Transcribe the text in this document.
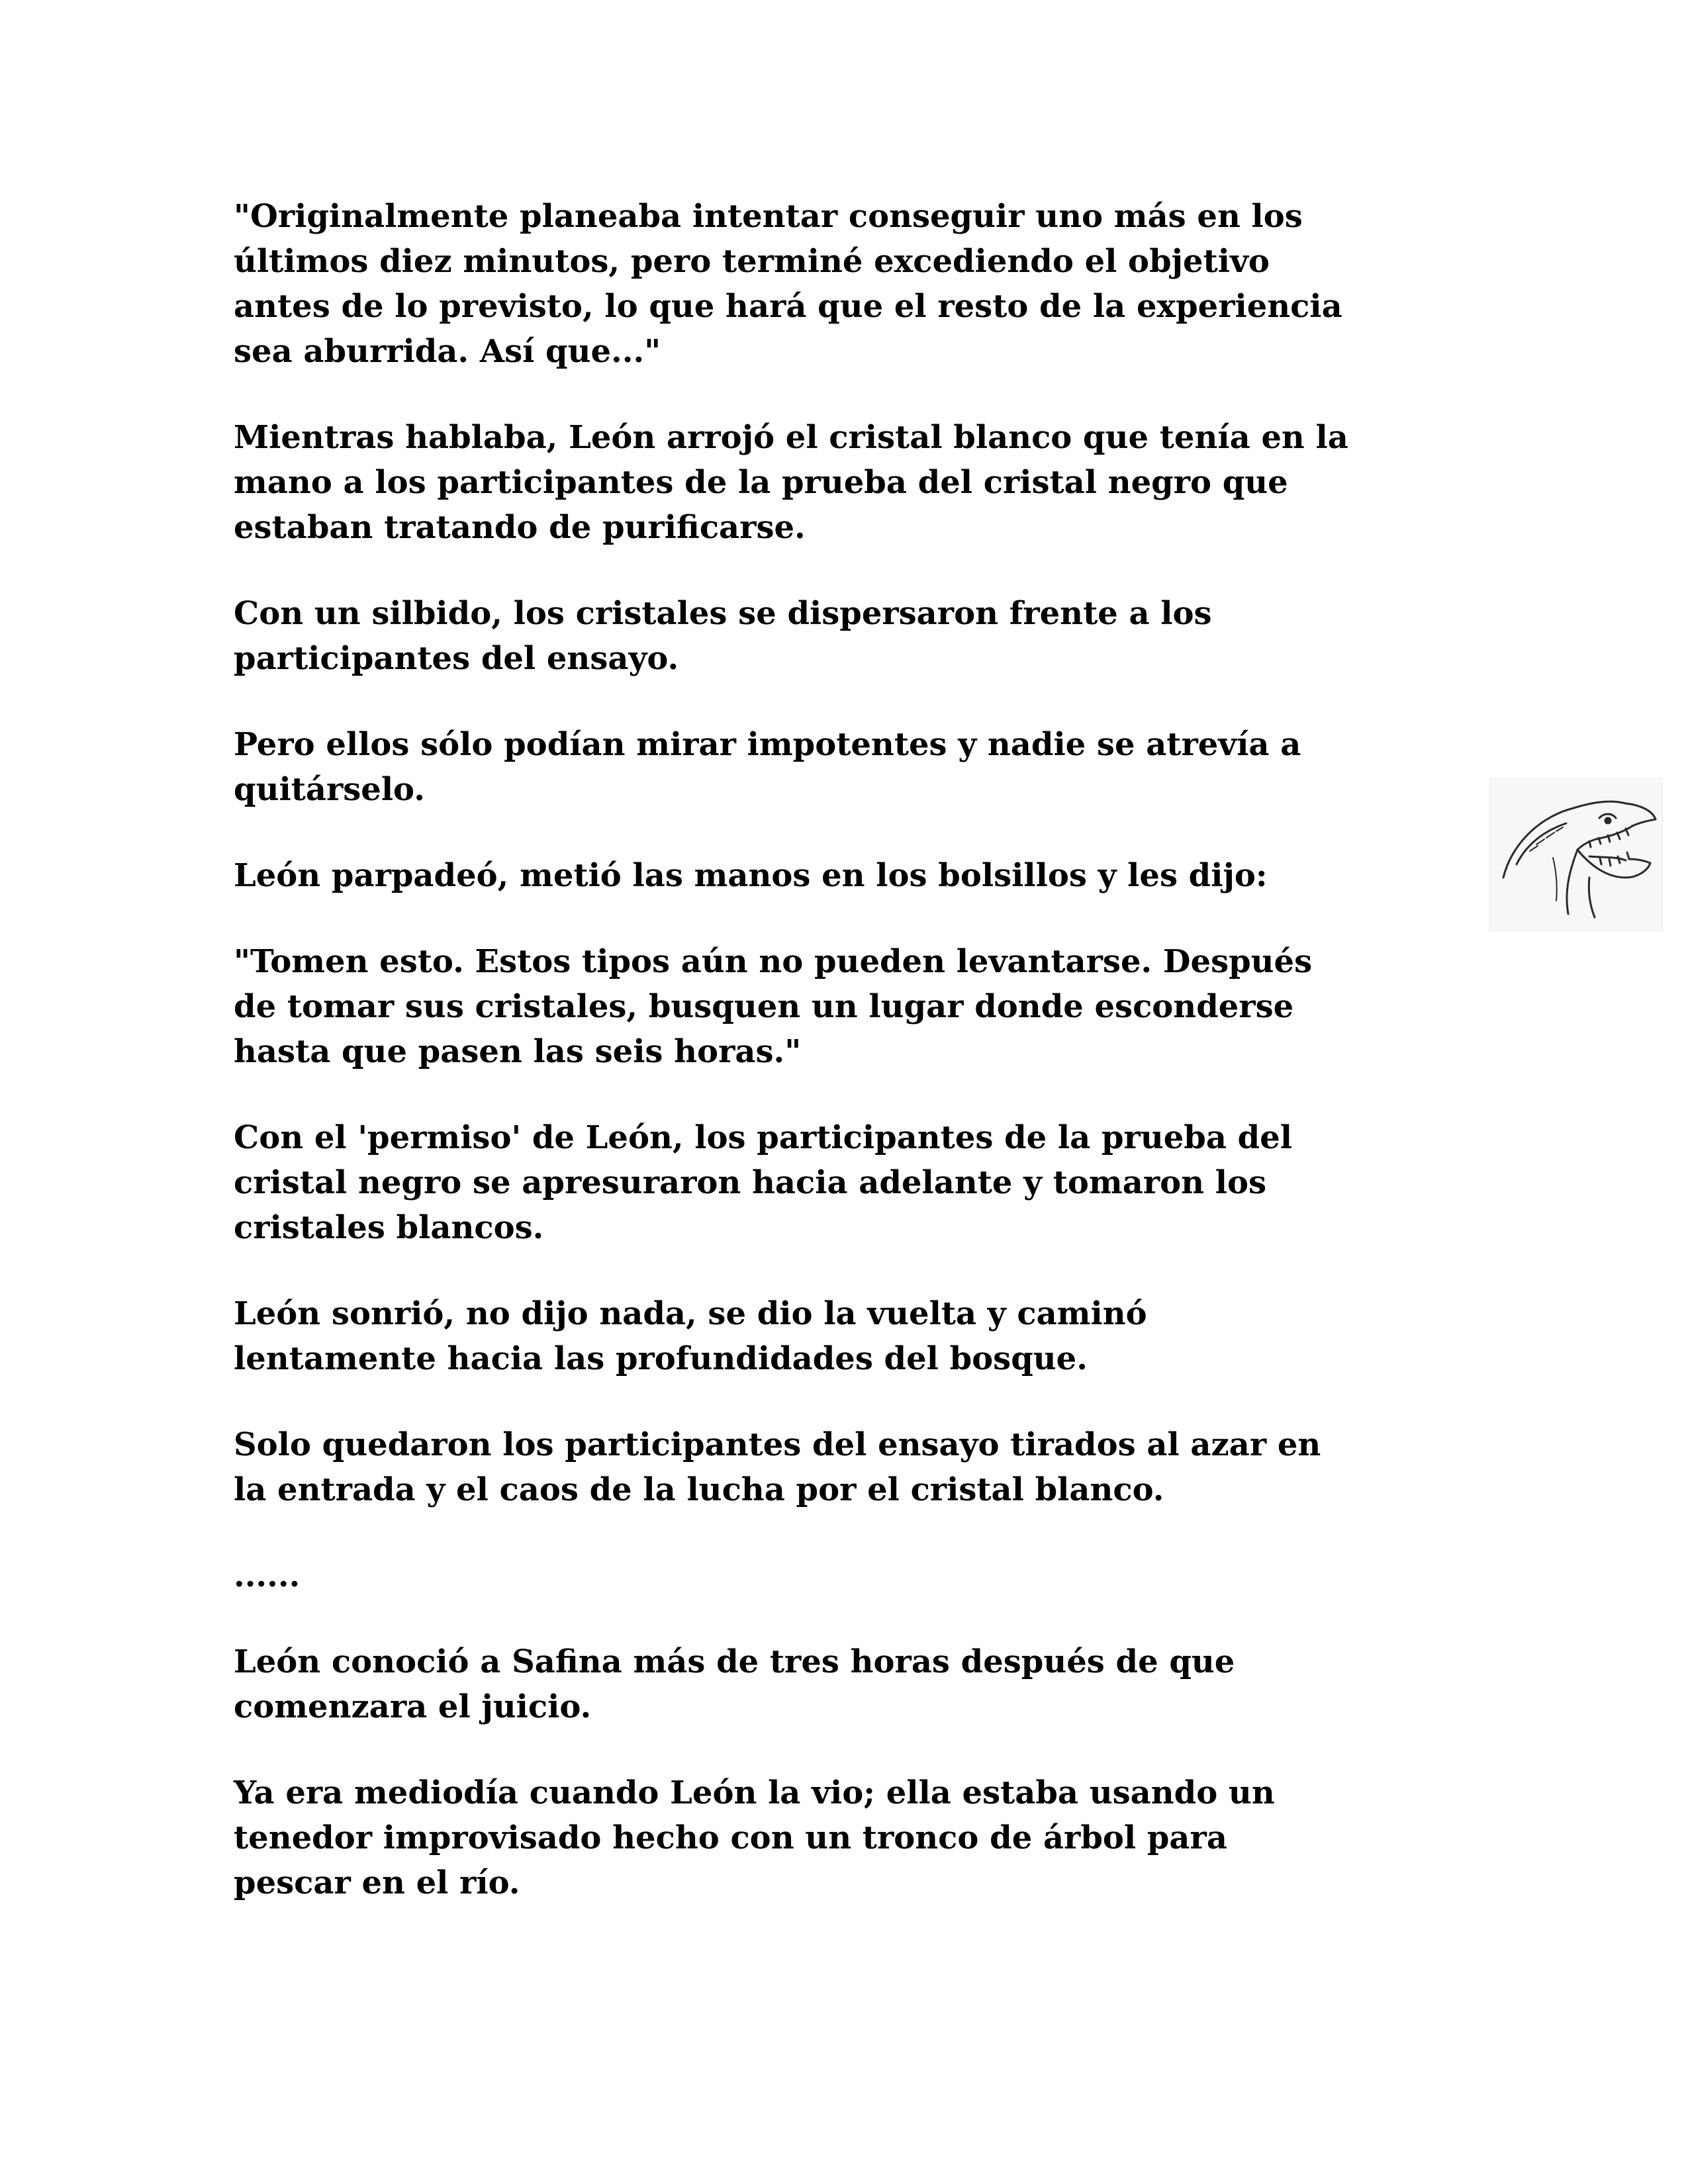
"Originalmente planeaba intentar conseguir uno más en los
últimos diez minutos, pero terminé excediendo el objetivo
antes de lo previsto, lo que hará que el resto de la experiencia
sea aburrida. Así que..."

Mientras hablaba, León arrojó el cristal blanco que tenía en la
mano a los participantes de la prueba del cristal negro que
estaban tratando de purificarse.

Con un silbido, los cristales se dispersaron frente a los
participantes del ensayo.

Pero ellos sólo podían mirar impotentes y nadie se atrevía a
quitárselo.

León parpadeó, metió las manos en los bolsillos y les dijo:

"Tomen esto. Estos tipos aún no pueden levantarse. Después
de tomar sus cristales, busquen un lugar donde esconderse
hasta que pasen las seis horas."

Con el 'permiso' de León, los participantes de la prueba del
cristal negro se apresuraron hacia adelante y tomaron los
cristales blancos.

León sonrió, no dijo nada, se dio la vuelta y caminó
lentamente hacia las profundidades del bosque.

Solo quedaron los participantes del ensayo tirados al azar en
la entrada y el caos de la lucha por el cristal blanco.

......

León conoció a Safina más de tres horas después de que
comenzara el juicio.

Ya era mediodía cuando León la vio; ella estaba usando un
tenedor improvisado hecho con un tronco de árbol para
pescar en el río.
